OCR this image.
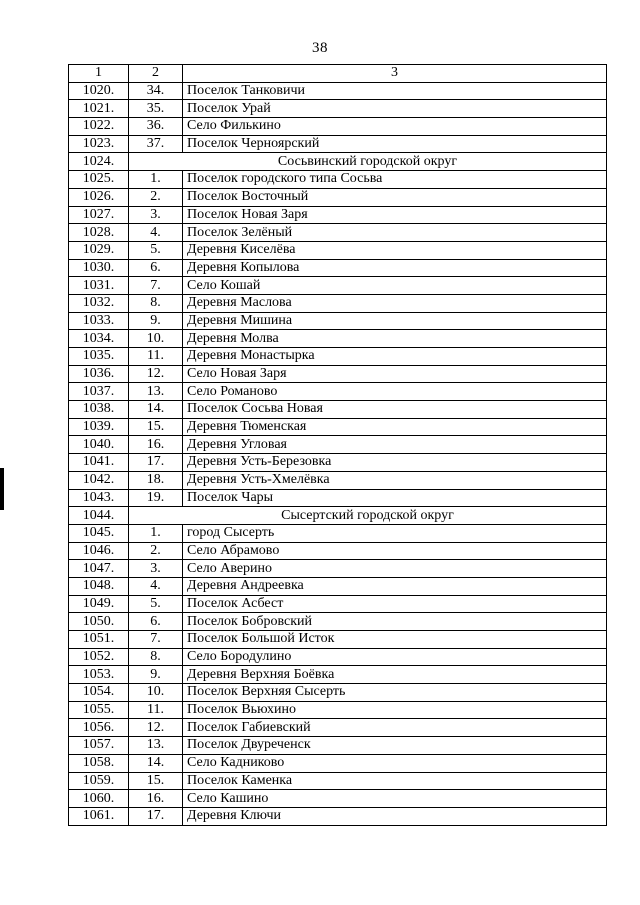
38
1	2	3
1020.	34.	Поселок Танковичи
1021.	35.	Поселок Урай
1022.	36.	Село Филькино
1023.	37.	Поселок Черноярский
1024.	Сосьвинский городской округ	
1025.	1.	Поселок городского типа Сосьва
1026.	2.	Поселок Восточный
1027.	3.	Поселок Новая Заря
1028.	4.	Поселок Зелёный
1029.	5.	Деревня Киселёва
1030.	6.	Деревня Копылова
1031.	7.	Село Кошай
1032.	8.	Деревня Маслова
1033.	9.	Деревня Мишина
1034.	10.	Деревня Молва
1035.	11.	Деревня Монастырка
1036.	12.	Село Новая Заря
1037.	13.	Село Романово
1038.	14.	Поселок Сосьва Новая
1039.	15.	Деревня Тюменская
1040.	16.	Деревня Угловая
1041.	17.	Деревня Усть-Березовка
1042.	18.	Деревня Усть-Хмелёвка
1043.	19.	Поселок Чары
1044.	Сысертский городской округ	
1045.	1.	город Сысерть
1046.	2.	Село Абрамово
1047.	3.	Село Аверино
1048.	4.	Деревня Андреевка
1049.	5.	Поселок Асбест
1050.	6.	Поселок Бобровский
1051.	7.	Поселок Большой Исток
1052.	8.	Село Бородулино
1053.	9.	Деревня Верхняя Боёвка
1054.	10.	Поселок Верхняя Сысерть
1055.	11.	Поселок Вьюхино
1056.	12.	Поселок Габиевский
1057.	13.	Поселок Двуреченск
1058.	14.	Село Кадниково
1059.	15.	Поселок Каменка
1060.	16.	Село Кашино
1061.	17.	Деревня Ключи
